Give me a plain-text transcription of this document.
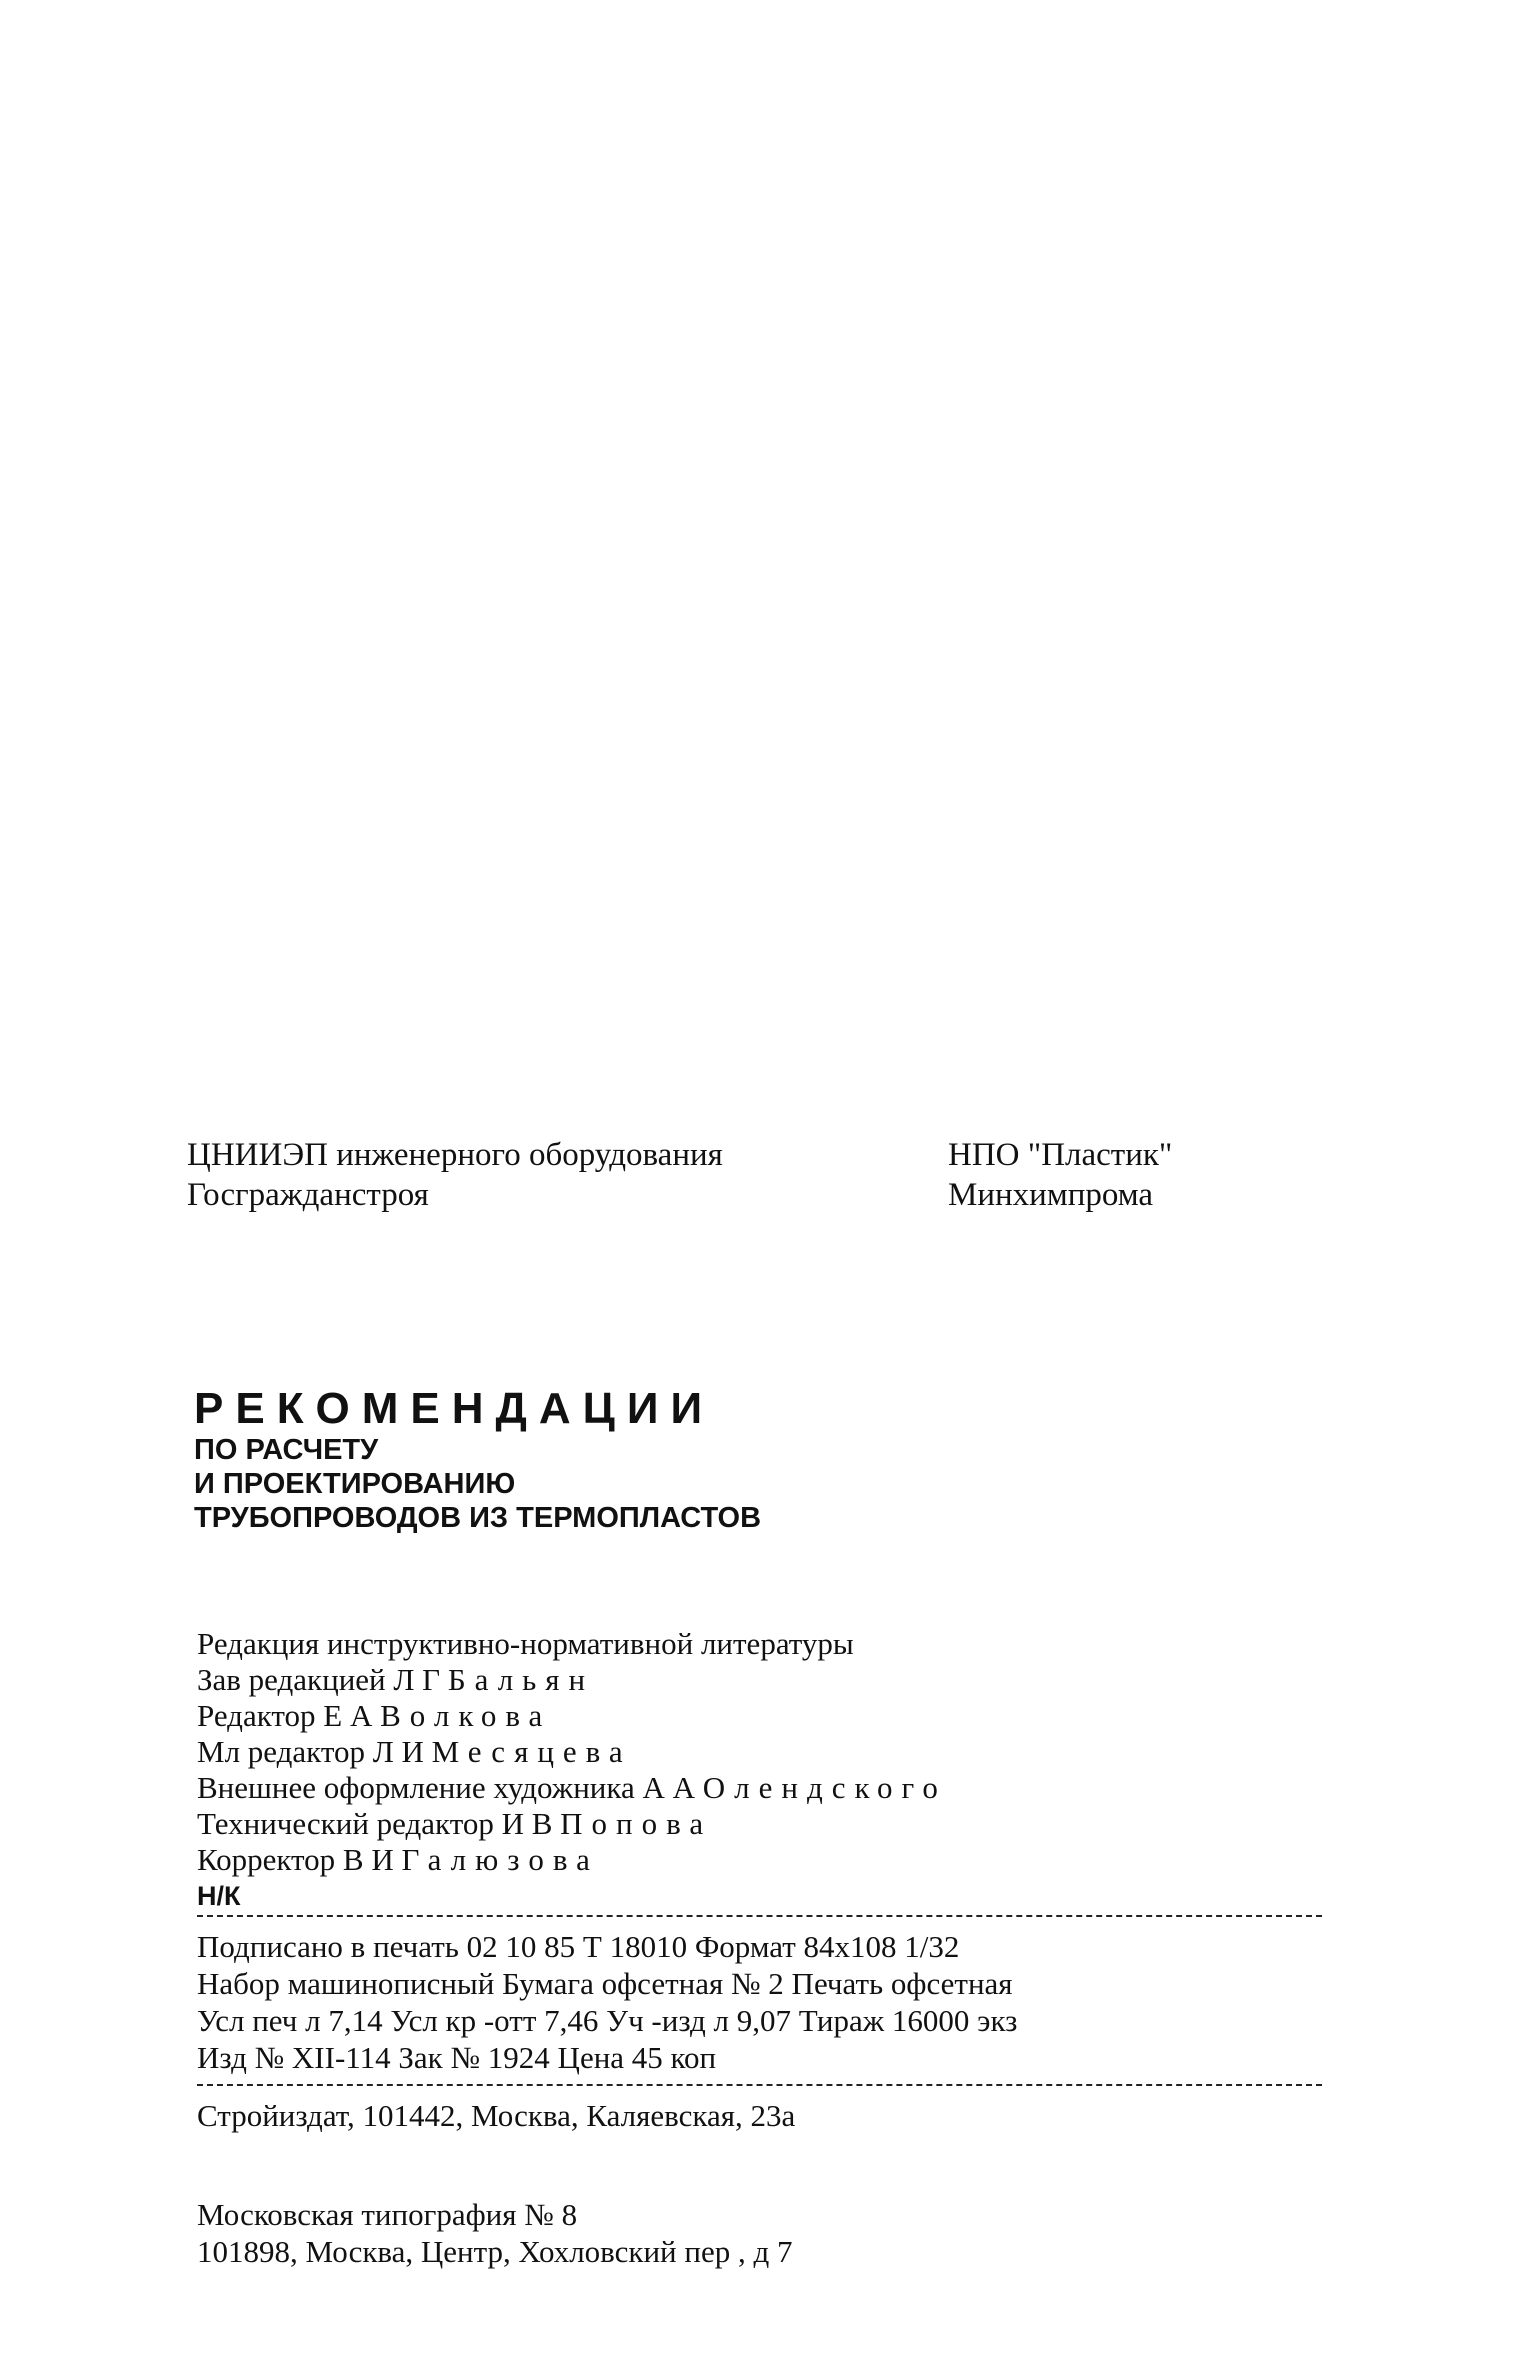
ЦНИИЭП инженерного оборудования
Госгражданстроя
НПО "Пластик"
Минхимпрома
РЕКОМЕНДАЦИИ
ПО РАСЧЕТУ
И ПРОЕКТИРОВАНИЮ
ТРУБОПРОВОДОВ ИЗ ТЕРМОПЛАСТОВ
Редакция инструктивно-нормативной литературы
Зав редакцией Л Г Бальян
Редактор Е А Волкова
Мл редактор Л И Месяцева
Внешнее оформление художника А А Олендского
Технический редактор И В Попова
Корректор В И Галюзова
Н/К
Подписано в печать 02 10 85 Т 18010 Формат 84х108 1/32
Набор машинописный Бумага офсетная № 2 Печать офсетная
Усл печ л 7,14 Усл кр -отт 7,46 Уч -изд л 9,07 Тираж 16000 экз
Изд № XII-114 Зак № 1924 Цена 45 коп
Стройиздат, 101442, Москва, Каляевская, 23а
Московская типография № 8
101898, Москва, Центр, Хохловский пер , д 7
